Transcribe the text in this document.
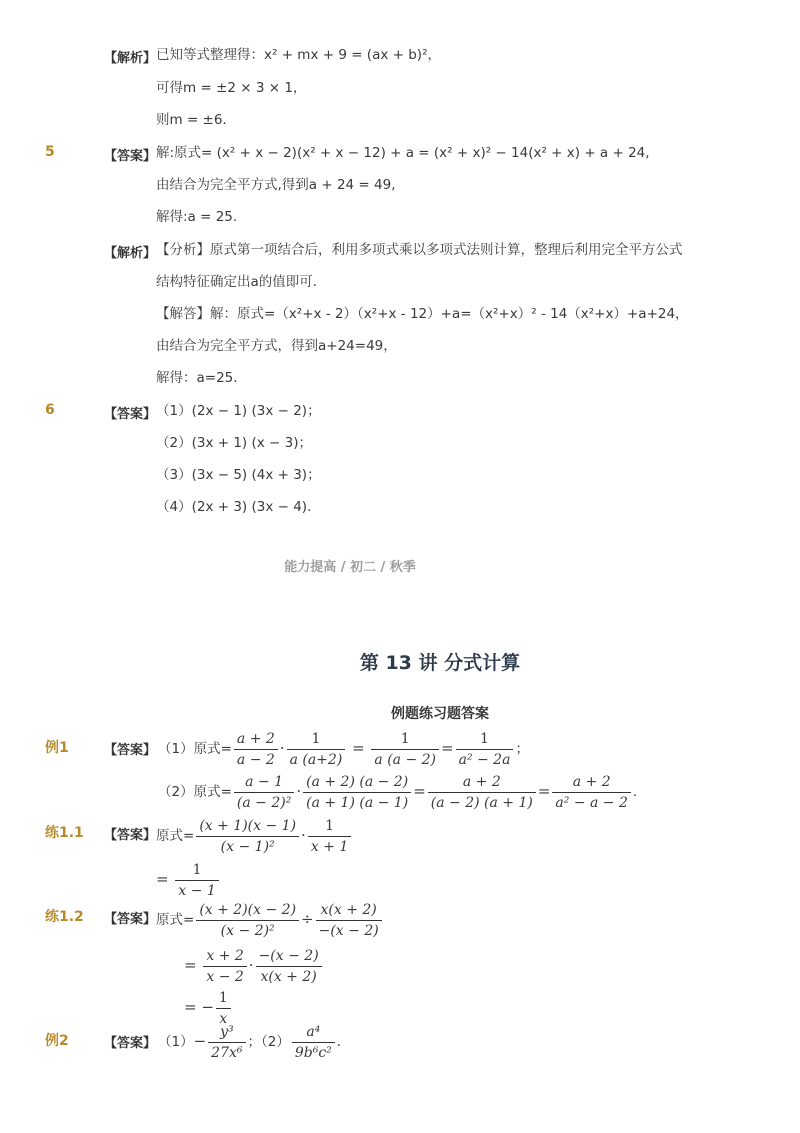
【解析】 已知等式整理得：x² + mx + 9 = (ax + b)²，
可得m = ±2 × 3 × 1，
则m = ±6．
5	【答案】 解:原式= (x² + x − 2)(x² + x − 12) + a = (x² + x)² − 14(x² + x) + a + 24,
由结合为完全平方式,得到a + 24 = 49,
解得:a = 25.
【解析】 【分析】原式第一项结合后，利用多项式乘以多项式法则计算，整理后利用完全平方公式
结构特征确定出a的值即可．
【解答】解：原式=（x²+x - 2）（x²+x - 12）+a=（x²+x）² - 14（x²+x）+a+24，
由结合为完全平方式，得到a+24=49，
解得：a=25．
6	【答案】 （1）(2x − 1) (3x − 2)；
（2）(3x + 1) (x − 3)；
（3）(3x − 5) (4x + 3)；
（4）(2x + 3) (3x − 4)．
能力提高 / 初二 / 秋季
第 13 讲 分式计算
例题练习题答案
例1	【答案】 （1）原式= $\frac{a + 2}{a - 2} \cdot \frac{1}{a (a+2)} = \frac{1}{a (a - 2)} = \frac{1}{\text{a² − 2a}}$ ；
（2）原式= $\frac{a - 1}{\text{(a − 2)²}} \cdot \frac{(a + 2) (a - 2)}{(a + 1) (a - 1)} = \frac{a + 2}{(a - 2) (a + 1)} = \frac{a + 2}{\text{a² − a − 2}}$ ．
练1.1 【答案】 原式= $\frac{(x + 1)(x - 1)}{\text{(x − 1)²}} \cdot \frac{1}{x + 1}$
= $\frac{1}{x - 1}$
练1.2 【答案】 原式= $\frac{(x + 2)(x - 2)}{\text{(x − 2)²}} \div \frac{x(x + 2)}{-(x - 2)}$
= $\frac{x + 2}{x - 2} \cdot \frac{-(x - 2)}{x(x + 2)}$
= − $\frac{1}{x}$
例2	【答案】 $(1)- \frac{\text{y³}}{\text{27x⁶}}$ ；$(2) \frac{\text{a⁴}}{\text{9b⁶c²}}$ ．
